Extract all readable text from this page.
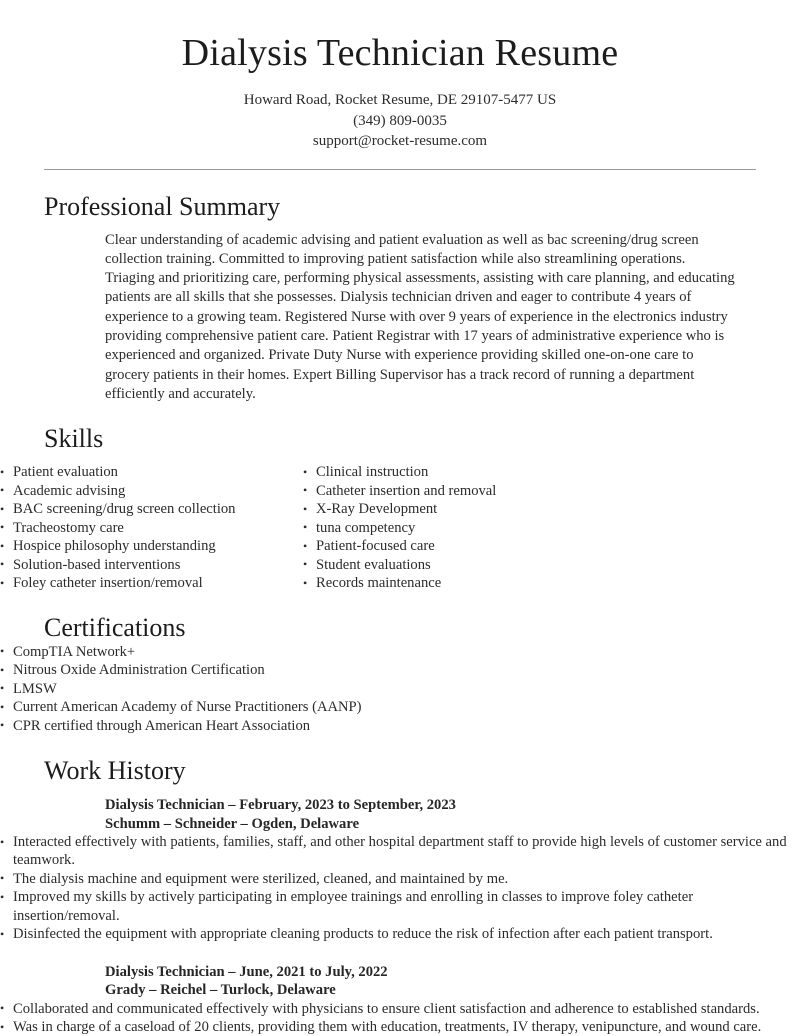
Dialysis Technician Resume
Howard Road, Rocket Resume, DE 29107-5477 US
(349) 809-0035
support@rocket-resume.com
Professional Summary

Clear understanding of academic advising and patient evaluation as well as bac screening/drug screen collection training. Committed to improving patient satisfaction while also streamlining operations. Triaging and prioritizing care, performing physical assessments, assisting with care planning, and educating patients are all skills that she possesses. Dialysis technician driven and eager to contribute 4 years of experience to a growing team. Registered Nurse with over 9 years of experience in the electronics industry providing comprehensive patient care. Patient Registrar with 17 years of administrative experience who is experienced and organized. Private Duty Nurse with experience providing skilled one-on-one care to grocery patients in their homes. Expert Billing Supervisor has a track record of running a department efficiently and accurately.

Skills
• Patient evaluation
• Academic advising
• BAC screening/drug screen collection
• Tracheostomy care
• Hospice philosophy understanding
• Solution-based interventions
• Foley catheter insertion/removal
• Clinical instruction
• Catheter insertion and removal
• X-Ray Development
• tuna competency
• Patient-focused care
• Student evaluations
• Records maintenance
Certifications
• CompTIA Network+
• Nitrous Oxide Administration Certification
• LMSW
• Current American Academy of Nurse Practitioners (AANP)
• CPR certified through American Heart Association
Work History
Dialysis Technician – February, 2023 to September, 2023
Schumm – Schneider – Ogden, Delaware
• Interacted effectively with patients, families, staff, and other hospital department staff to provide high levels of customer service and teamwork.
• The dialysis machine and equipment were sterilized, cleaned, and maintained by me.
• Improved my skills by actively participating in employee trainings and enrolling in classes to improve foley catheter insertion/removal.
• Disinfected the equipment with appropriate cleaning products to reduce the risk of infection after each patient transport.
Dialysis Technician – June, 2021 to July, 2022
Grady – Reichel – Turlock, Delaware
• Collaborated and communicated effectively with physicians to ensure client satisfaction and adherence to established standards.
• Was in charge of a caseload of 20 clients, providing them with education, treatments, IV therapy, venipuncture, and wound care.
